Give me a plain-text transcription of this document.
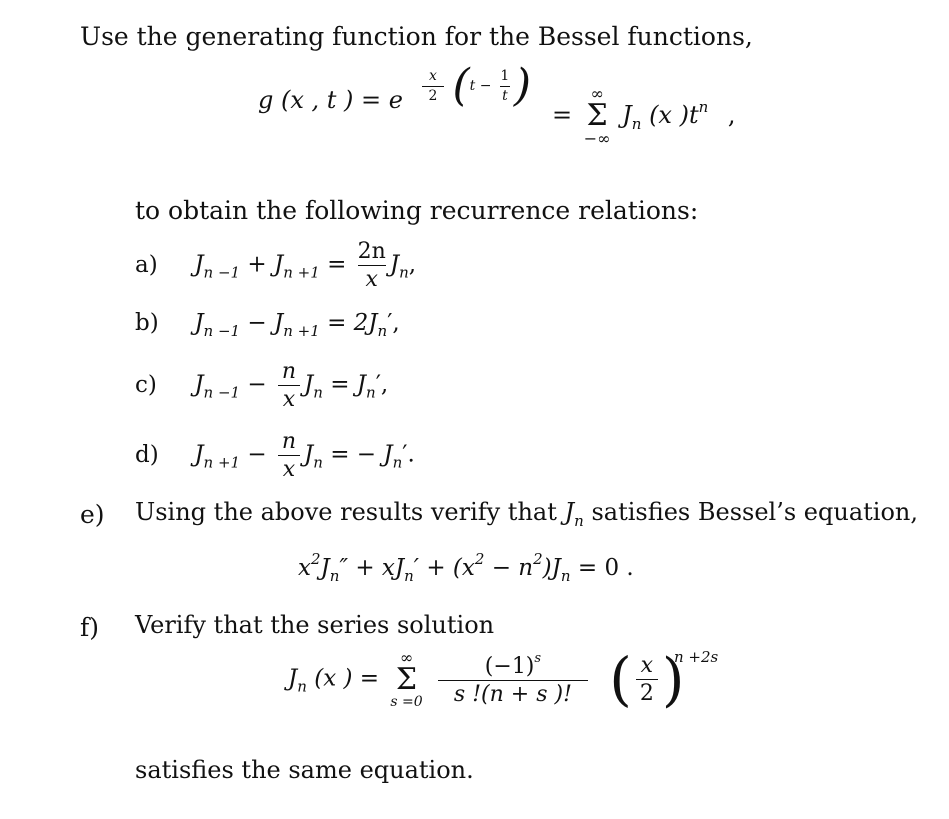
Use the generating function for the Bessel functions,
g (x , t ) = e $\frac{x}{2} (t - \frac{1}{t}$ )
=
∞
Σ
−∞
$J_n$ (x )$t^n$ ,
to obtain the following recurrence relations:
a) $J_{n -1} + J_{n +1} = \frac{2n}{x} J_n$,
b) $J_{n -1} - J_{n +1} = 2J_n'$,
c) $J_{n -1} - \frac{n}{x} J_n = J_n'$,
d) $J_{n +1} - \frac{n}{x} J_n$ = − $J_n'$.
e) Using the above results verify that $J_n$ satisfies Bessel’s equation,
$x^2J_n'' + xJ_n' + (x^2 - n^2)J_n = 0$ .
f) Verify that the series solution
$J_n$ (x ) =
∞
Σ
s =0
$\frac{(-1)^s}{s !(n + s )!}$ ( $\frac{x}{2}$ )
n +2s
satisfies the same equation.
